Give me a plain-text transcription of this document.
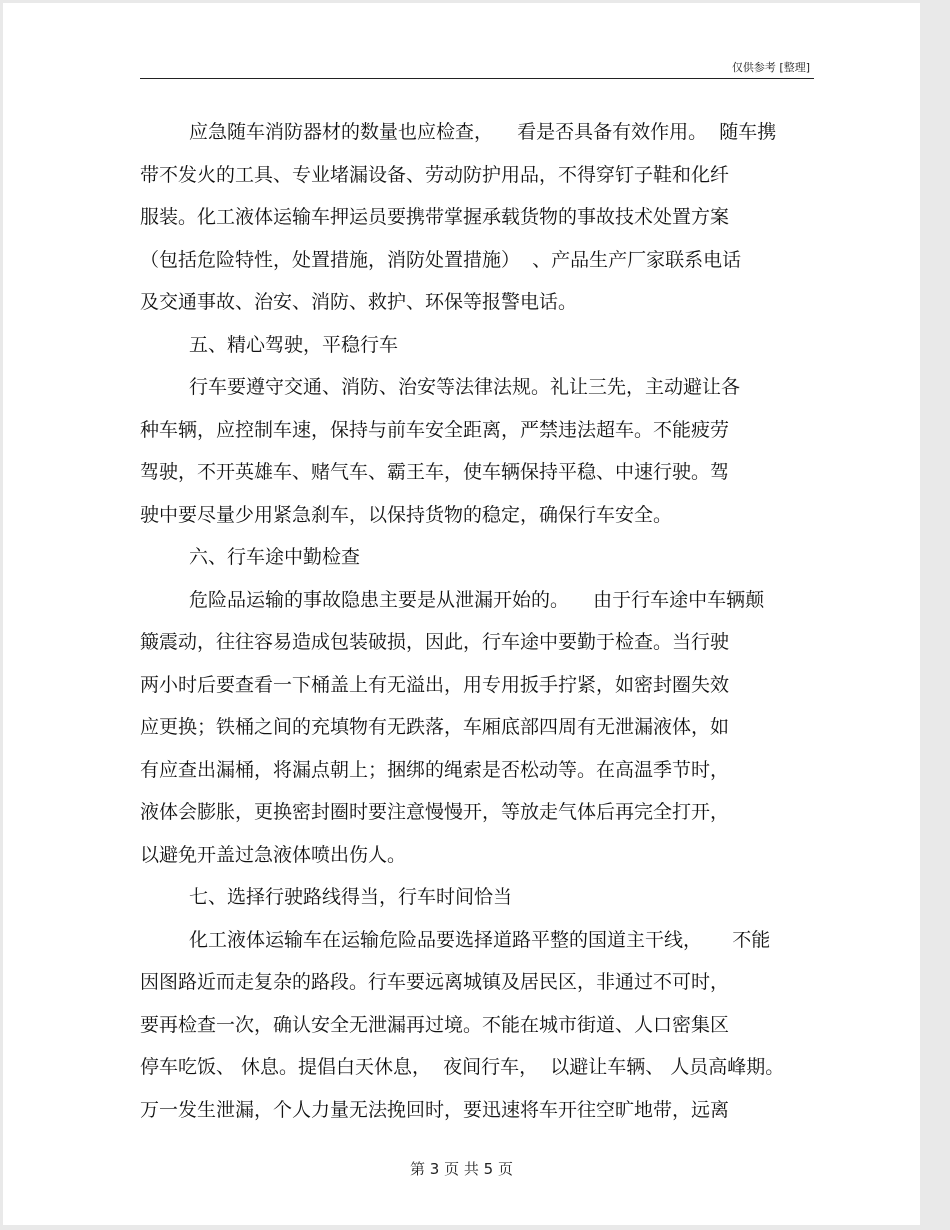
仅供参考 [整理]
应急随车消防器材的数量也应检查，    看是否具备有效作用。  随车携
带不发火的工具、专业堵漏设备、劳动防护用品，不得穿钉子鞋和化纤
服装。化工液体运输车押运员要携带掌握承载货物的事故技术处置方案
（包括危险特性，处置措施，消防处置措施）  、产品生产厂家联系电话
及交通事故、治安、消防、救护、环保等报警电话。
五、精心驾驶，平稳行车
行车要遵守交通、消防、治安等法律法规。礼让三先，主动避让各
种车辆，应控制车速，保持与前车安全距离，严禁违法超车。不能疲劳
驾驶，不开英雄车、赌气车、霸王车，使车辆保持平稳、中速行驶。驾
驶中要尽量少用紧急刹车，以保持货物的稳定，确保行车安全。
六、行车途中勤检查
危险品运输的事故隐患主要是从泄漏开始的。    由于行车途中车辆颠
簸震动，往往容易造成包装破损，因此，行车途中要勤于检查。当行驶
两小时后要查看一下桶盖上有无溢出，用专用扳手拧紧，如密封圈失效
应更换；铁桶之间的充填物有无跌落，车厢底部四周有无泄漏液体，如
有应查出漏桶，将漏点朝上；捆绑的绳索是否松动等。在高温季节时，
液体会膨胀，更换密封圈时要注意慢慢开，等放走气体后再完全打开，
以避免开盖过急液体喷出伤人。
七、选择行驶路线得当，行车时间恰当
化工液体运输车在运输危险品要选择道路平整的国道主干线，     不能
因图路近而走复杂的路段。行车要远离城镇及居民区，非通过不可时，
要再检查一次，确认安全无泄漏再过境。不能在城市街道、人口密集区
停车吃饭、 休息。提倡白天休息，  夜间行车，  以避让车辆、 人员高峰期。
万一发生泄漏，个人力量无法挽回时，要迅速将车开往空旷地带，远离
第 3 页 共 5 页
